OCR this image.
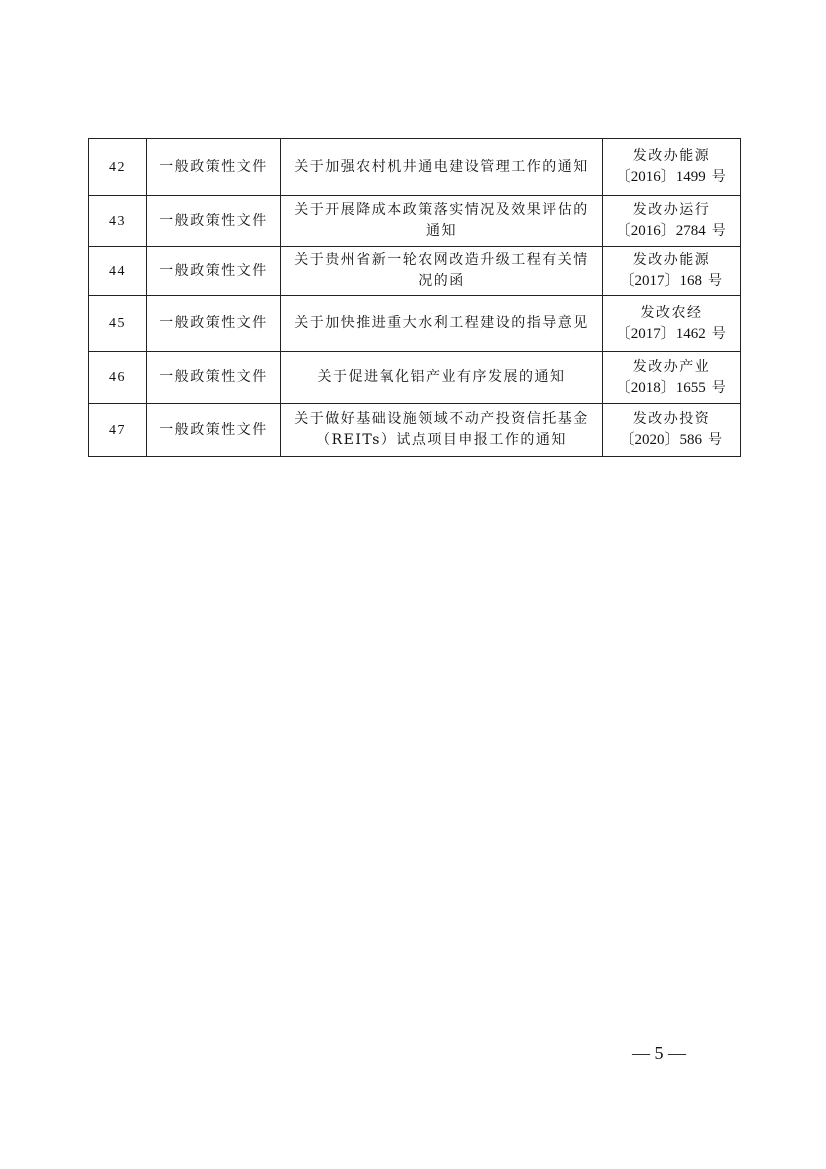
42	一般政策性文件	关于加强农村机井通电建设管理工作的通知	发改办能源
〔2016〕1499 号

43	一般政策性文件	关于开展降成本政策落实情况及效果评估的通知	发改办运行
〔2016〕2784 号

44	一般政策性文件	关于贵州省新一轮农网改造升级工程有关情况的函	发改办能源
〔2017〕168 号

45	一般政策性文件	关于加快推进重大水利工程建设的指导意见	发改农经
〔2017〕1462 号

46	一般政策性文件	关于促进氧化铝产业有序发展的通知	发改办产业
〔2018〕1655 号

47	一般政策性文件	关于做好基础设施领域不动产投资信托基金（REITs）试点项目申报工作的通知	发改办投资
〔2020〕586 号
— 5 —
